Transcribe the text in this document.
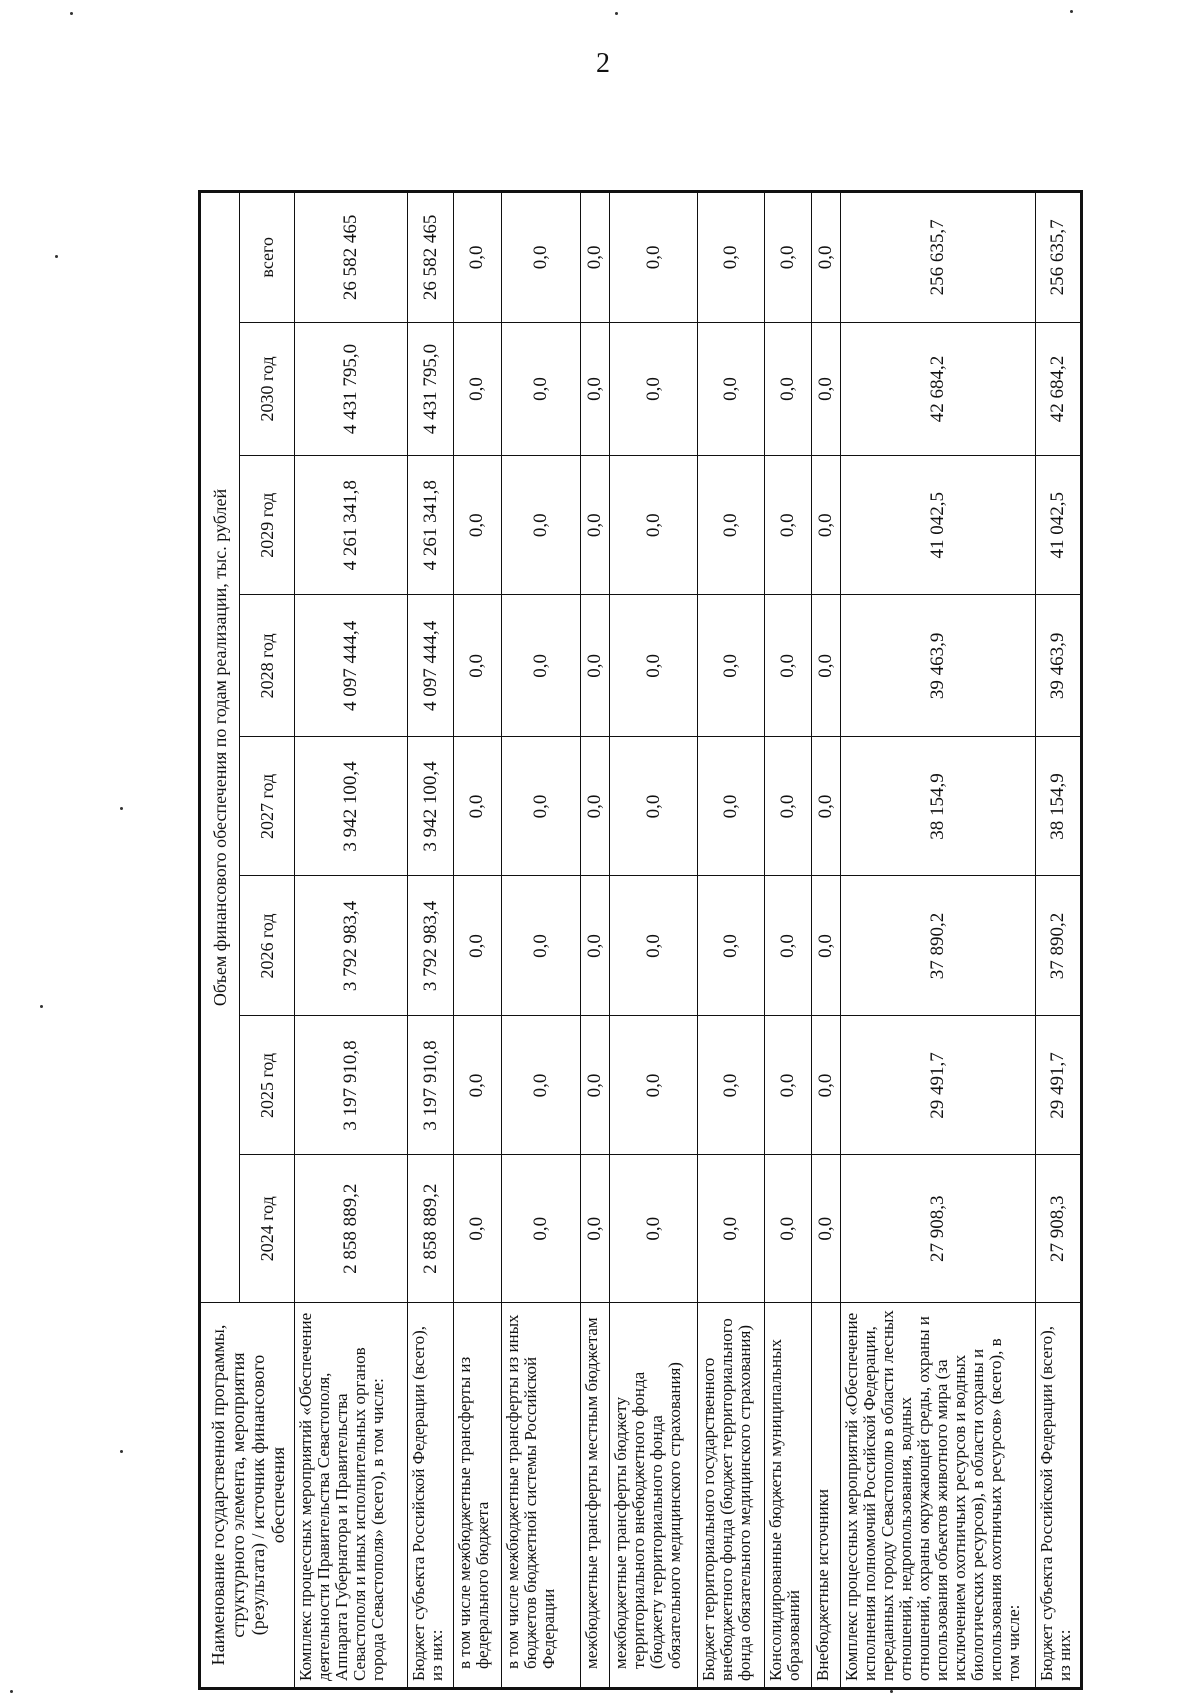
2
Наименование государственной программы, структурного элемента, мероприятия (результата) / источник финансового обеспечения	Объем финансового обеспечения по годам реализации, тыс. рублей							
	2024 год	2025 год	2026 год	2027 год	2028 год	2029 год	2030 год	всего
Комплекс процессных мероприятий «Обеспечение деятельности Правительства Севастополя, Аппарата Губернатора и Правительства Севастополя и иных исполнительных органов города Севастополя» (всего), в том числе:	2 858 889,2	3 197 910,8	3 792 983,4	3 942 100,4	4 097 444,4	4 261 341,8	4 431 795,0	26 582 465
Бюджет субъекта Российской Федерации (всего), из них:	2 858 889,2	3 197 910,8	3 792 983,4	3 942 100,4	4 097 444,4	4 261 341,8	4 431 795,0	26 582 465
в том числе межбюджетные трансферты из федерального бюджета	0,0	0,0	0,0	0,0	0,0	0,0	0,0	0,0
в том числе межбюджетные трансферты из иных бюджетов бюджетной системы Российской Федерации	0,0	0,0	0,0	0,0	0,0	0,0	0,0	0,0
межбюджетные трансферты местным бюджетам	0,0	0,0	0,0	0,0	0,0	0,0	0,0	0,0
межбюджетные трансферты бюджету территориального внебюджетного фонда (бюджету территориального фонда обязательного медицинского страхования)	0,0	0,0	0,0	0,0	0,0	0,0	0,0	0,0
Бюджет территориального государственного внебюджетного фонда (бюджет территориального фонда обязательного медицинского страхования)	0,0	0,0	0,0	0,0	0,0	0,0	0,0	0,0
Консолидированные бюджеты муниципальных образований	0,0	0,0	0,0	0,0	0,0	0,0	0,0	0,0
Внебюджетные источники	0,0	0,0	0,0	0,0	0,0	0,0	0,0	0,0
Комплекс процессных мероприятий «Обеспечение исполнения полномочий Российской Федерации, переданных городу Севастополю в области лесных отношений, недропользования, водных отношений, охраны окружающей среды, охраны и использования объектов животного мира (за исключением охотничьих ресурсов и водных биологических ресурсов), в области охраны и использования охотничьих ресурсов» (всего), в том числе:	27 908,3	29 491,7	37 890,2	38 154,9	39 463,9	41 042,5	42 684,2	256 635,7
Бюджет субъекта Российской Федерации (всего), из них:	27 908,3	29 491,7	37 890,2	38 154,9	39 463,9	41 042,5	42 684,2	256 635,7
